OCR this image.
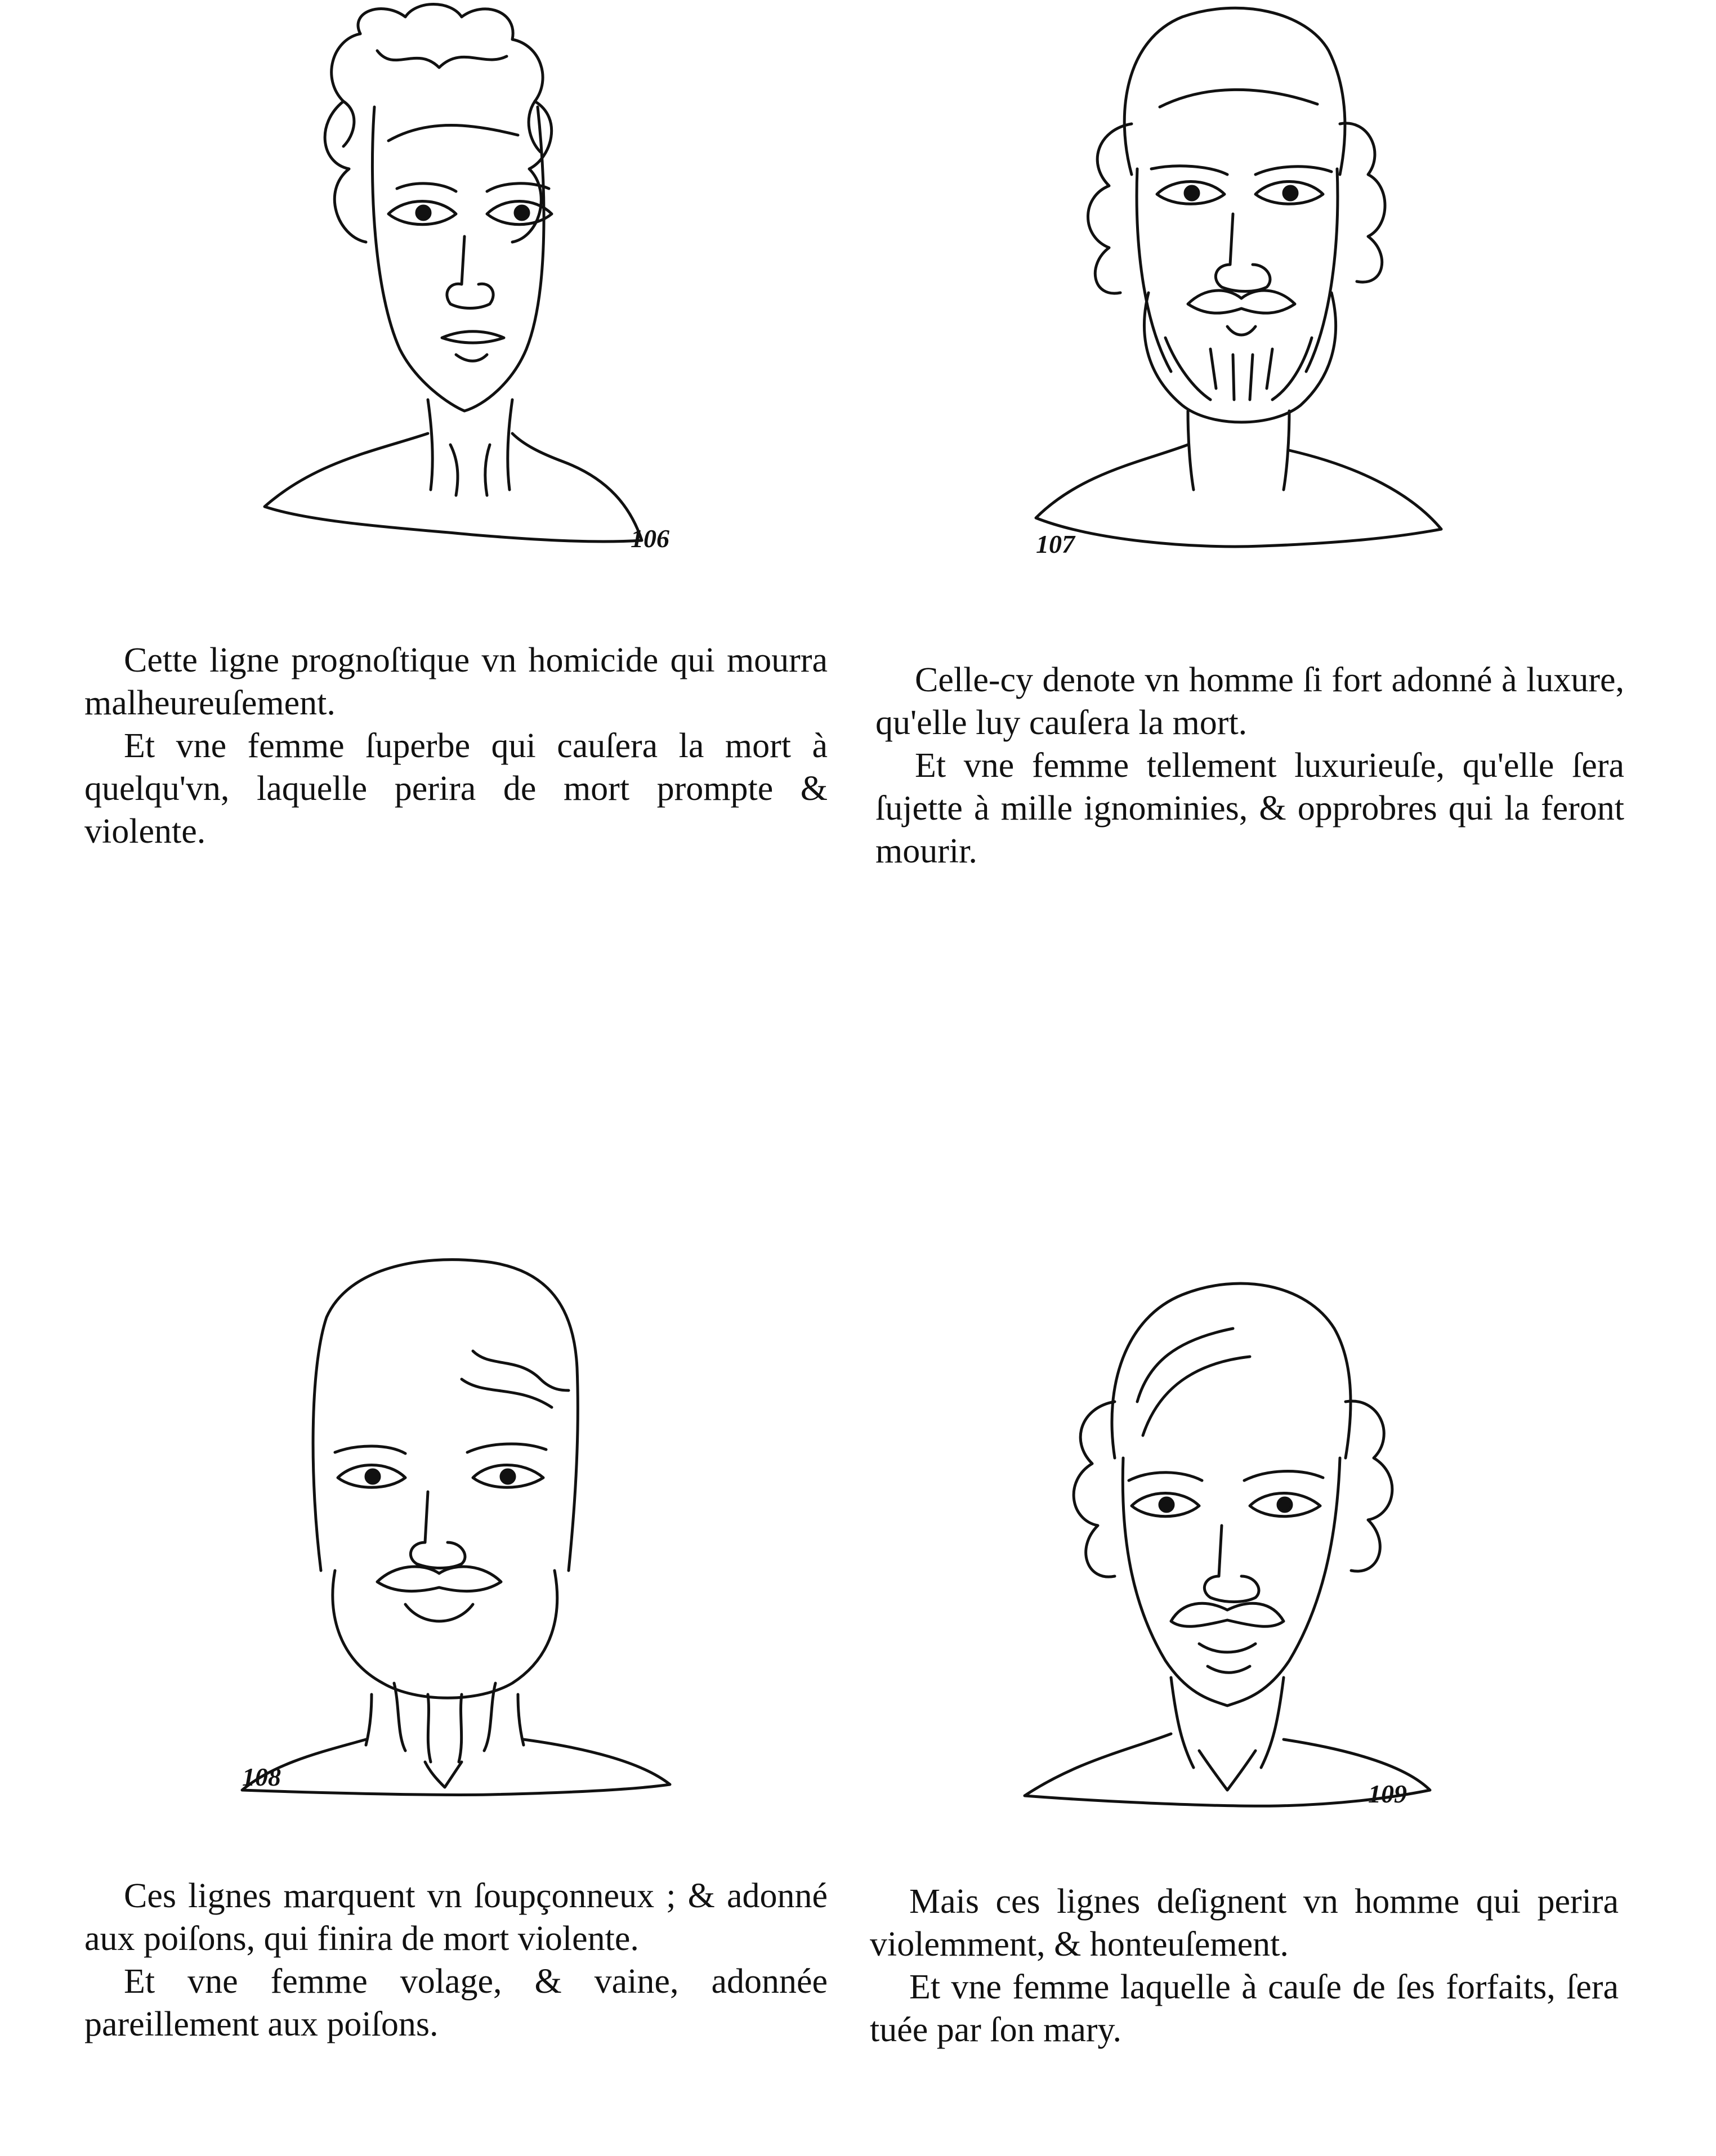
106	107

Cette ligne prognoſtique vn homicide qui mourra malheureuſement.

Et vne femme ſuperbe qui cauſera la mort à quelqu'vn, laquelle perira de mort prompte & violente.

Celle-cy denote vn homme ſi fort adonné à luxure, qu'elle luy cauſera la mort.

Et vne femme tellement luxurieuſe, qu'elle ſera ſujette à mille ignominies, & opprobres qui la feront mourir.

108
109

Ces lignes marquent vn ſoupçonneux ; & adonné aux poiſons, qui finira de mort violente.

Et vne femme volage, & vaine, adonnée pareillement aux poiſons.

Mais ces lignes deſignent vn homme qui perira violemment, & honteuſement.

Et vne femme laquelle à cauſe de ſes forfaits, ſera tuée par ſon mary.
